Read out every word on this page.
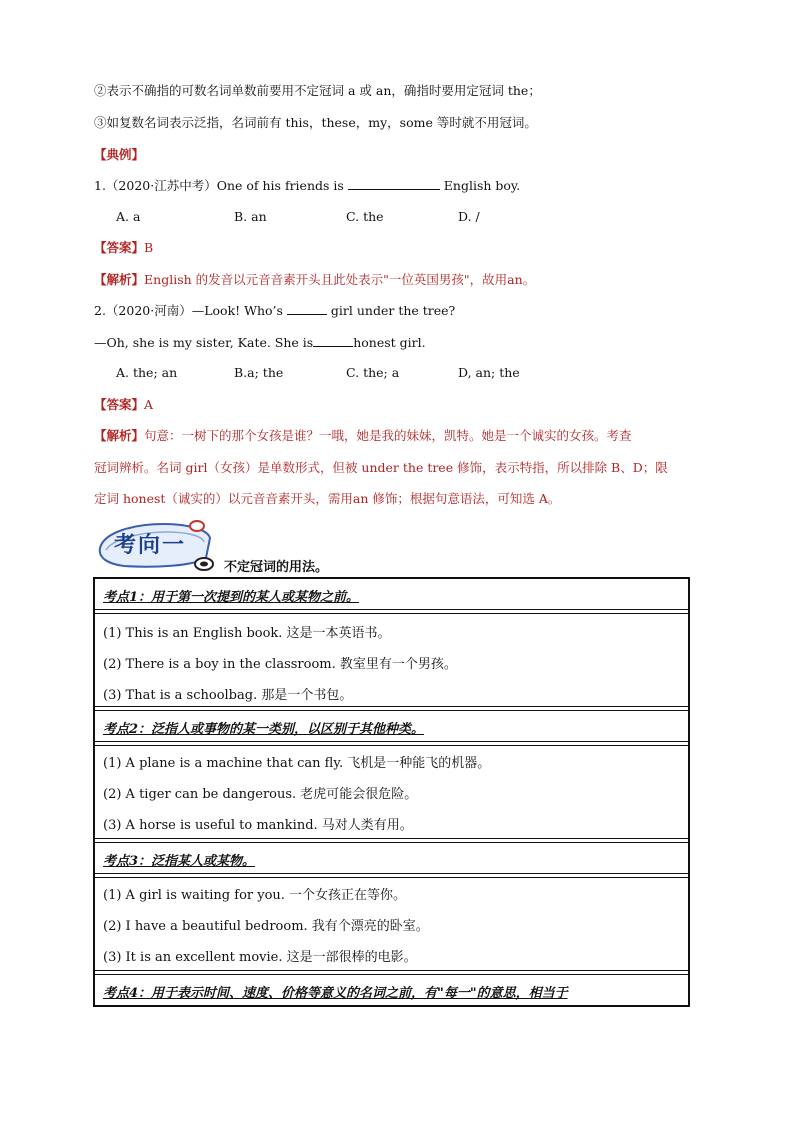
②表示不确指的可数名词单数前要用不定冠词 a 或 an，确指时要用定冠词 the；
③如复数名词表示泛指，名词前有 this，these，my，some 等时就不用冠词。
【典例】
1.（2020·江苏中考）One of his friends is	English boy.
A. a	B. an	C. the	D. /
【答案】B
【解析】English 的发音以元音音素开头且此处表示"一位英国男孩"，故用an。
2.（2020·河南）—Look! Who’s	girl under the tree?
—Oh, she is my sister, Kate. She is	honest girl.
A. the; an	B.a; the	C. the; a	D, an; the
【答案】A
【解析】句意：一树下的那个女孩是谁？一哦，她是我的妹妹，凯特。她是一个诚实的女孩。考查
冠词辨析。名词 girl（女孩）是单数形式，但被 under the tree 修饰，表示特指，所以排除 B、D；限
定词 honest（诚实的）以元音音素开头，需用an 修饰；根据句意语法，可知选 A。
考向一
不定冠词的用法。
考点1：用于第一次提到的某人或某物之前。
(1) This is an English book. 这是一本英语书。
(2) There is a boy in the classroom. 教室里有一个男孩。
(3) That is a schoolbag. 那是一个书包。
考点2：泛指人或事物的某一类别，以区别于其他种类。
(1) A plane is a machine that can fly. 飞机是一种能飞的机器。
(2) A tiger can be dangerous. 老虎可能会很危险。
(3) A horse is useful to mankind. 马对人类有用。
考点3：泛指某人或某物。
(1) A girl is waiting for you. 一个女孩正在等你。
(2) I have a beautiful bedroom. 我有个漂亮的卧室。
(3) It is an excellent movie. 这是一部很棒的电影。
考点4：用于表示时间、速度、价格等意义的名词之前，有"每一"的意思，相当于
